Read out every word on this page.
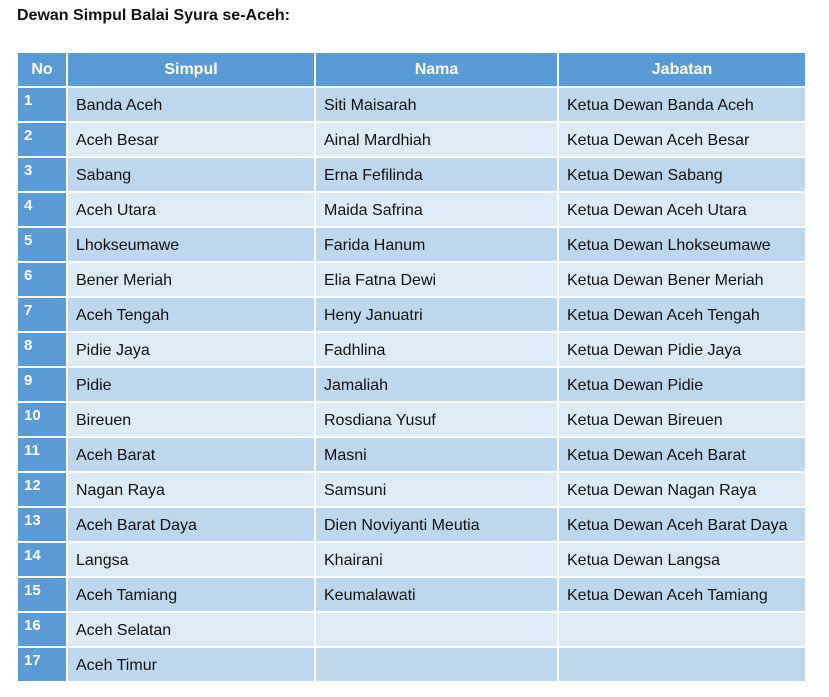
Dewan Simpul Balai Syura se-Aceh:
No	Simpul	Nama	Jabatan
1	Banda Aceh	Siti Maisarah	Ketua Dewan Banda Aceh
2	Aceh Besar	Ainal Mardhiah	Ketua Dewan Aceh Besar
3	Sabang	Erna Fefilinda	Ketua Dewan Sabang
4	Aceh Utara	Maida Safrina	Ketua Dewan Aceh Utara
5	Lhokseumawe	Farida Hanum	Ketua Dewan Lhokseumawe
6	Bener Meriah	Elia Fatna Dewi	Ketua Dewan Bener Meriah
7	Aceh Tengah	Heny Januatri	Ketua Dewan Aceh Tengah
8	Pidie Jaya	Fadhlina	Ketua Dewan Pidie Jaya
9	Pidie	Jamaliah	Ketua Dewan Pidie
10	Bireuen	Rosdiana Yusuf	Ketua Dewan Bireuen
11	Aceh Barat	Masni	Ketua Dewan Aceh Barat
12	Nagan Raya	Samsuni	Ketua Dewan Nagan Raya
13	Aceh Barat Daya	Dien Noviyanti Meutia	Ketua Dewan Aceh Barat Daya
14	Langsa	Khairani	Ketua Dewan Langsa
15	Aceh Tamiang	Keumalawati	Ketua Dewan Aceh Tamiang
16	Aceh Selatan		
17	Aceh Timur		
